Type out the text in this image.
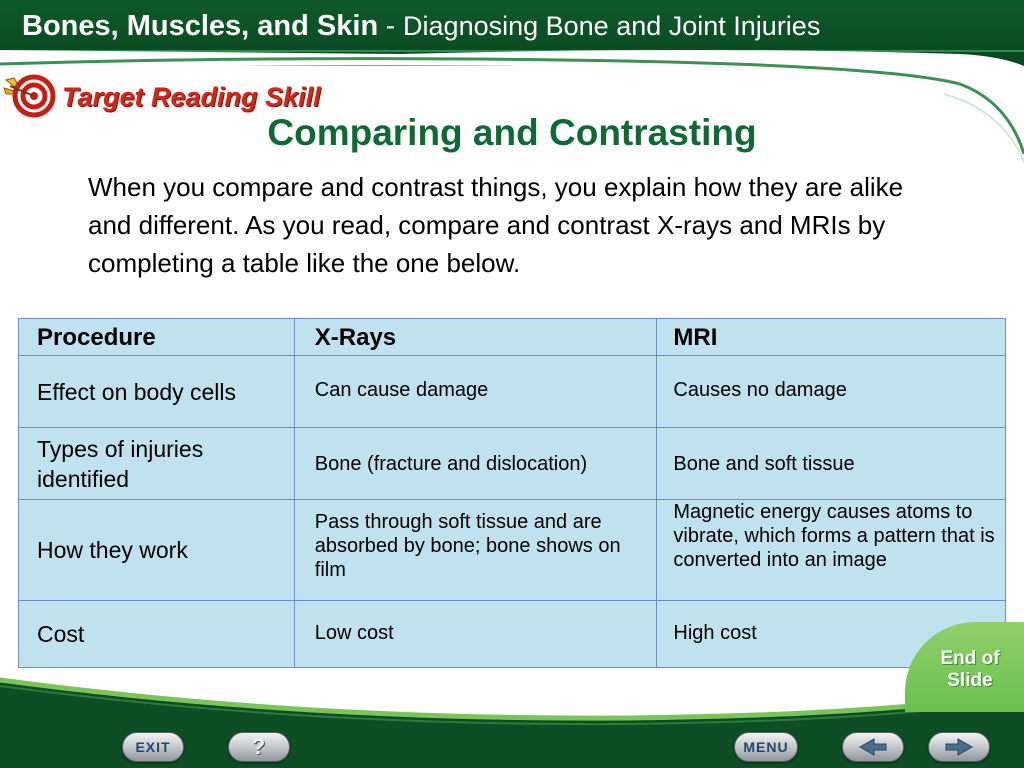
Bones, Muscles, and Skin - Diagnosing Bone and Joint Injuries
Target Reading Skill
Comparing and Contrasting
When you compare and contrast things, you explain how they are alike and different. As you read, compare and contrast X-rays and MRIs by completing a table like the one below.
Procedure	X-Rays	MRI
Effect on body cells	Can cause damage	Causes no damage
Types of injuries identified	Bone (fracture and dislocation)	Bone and soft tissue
How they work	Pass through soft tissue and are absorbed by bone; bone shows on film	Magnetic energy causes atoms to vibrate, which forms a pattern that is converted into an image
Cost	Low cost	High cost
End of Slide
EXIT	?	MENU
